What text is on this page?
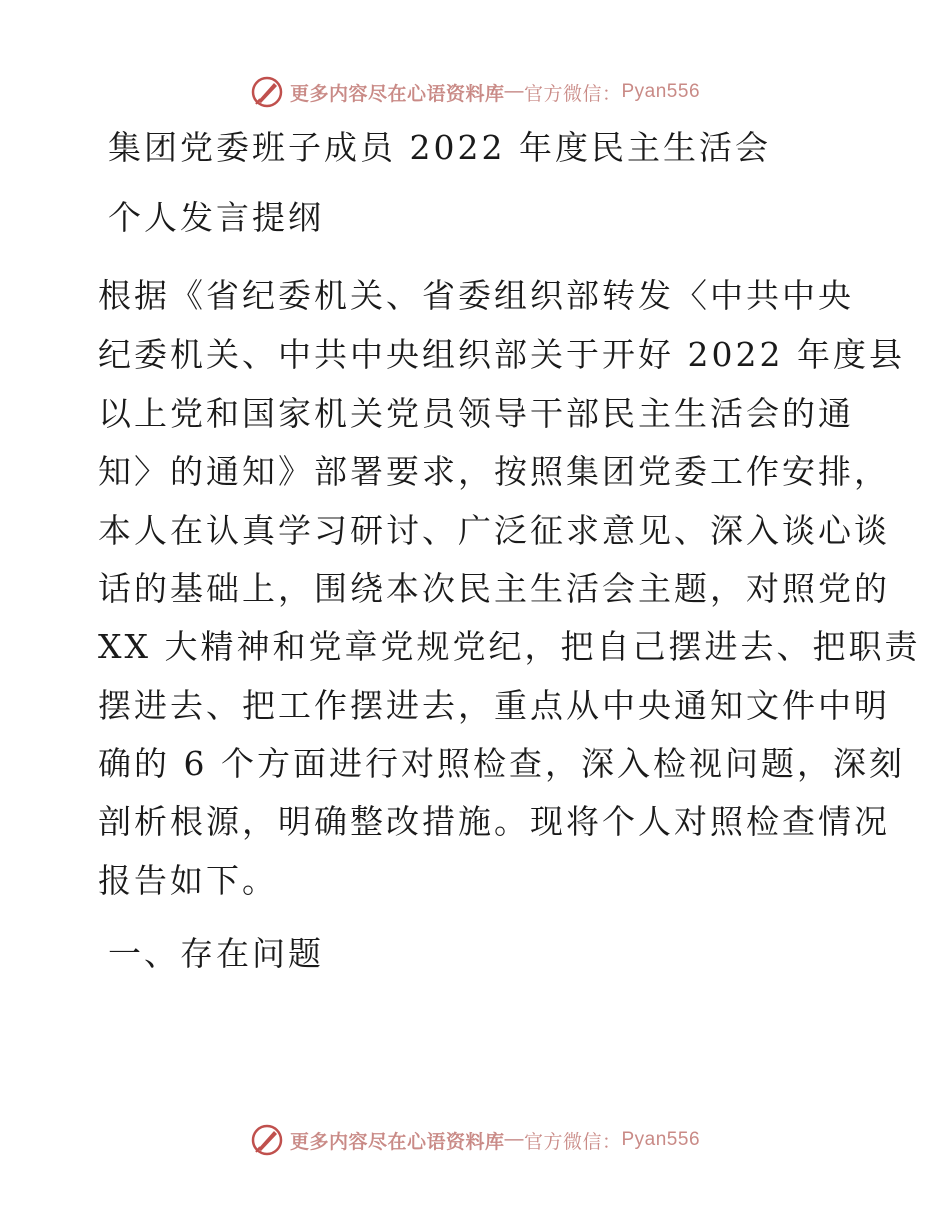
更多内容尽在心语资料库 — 官方微信： Pyan556
集团党委班子成员 2022 年度民主生活会
个人发言提纲
根据《省纪委机关、省委组织部转发〈中共中央
纪委机关、中共中央组织部关于开好 2022 年度县
以上党和国家机关党员领导干部民主生活会的通
知〉的通知》部署要求，按照集团党委工作安排，
本人在认真学习研讨、广泛征求意见、深入谈心谈
话的基础上，围绕本次民主生活会主题，对照党的
XX 大精神和党章党规党纪，把自己摆进去、把职责
摆进去、把工作摆进去，重点从中央通知文件中明
确的 6 个方面进行对照检查，深入检视问题，深刻
剖析根源，明确整改措施。现将个人对照检查情况
报告如下。
一、存在问题
更多内容尽在心语资料库 — 官方微信： Pyan556
